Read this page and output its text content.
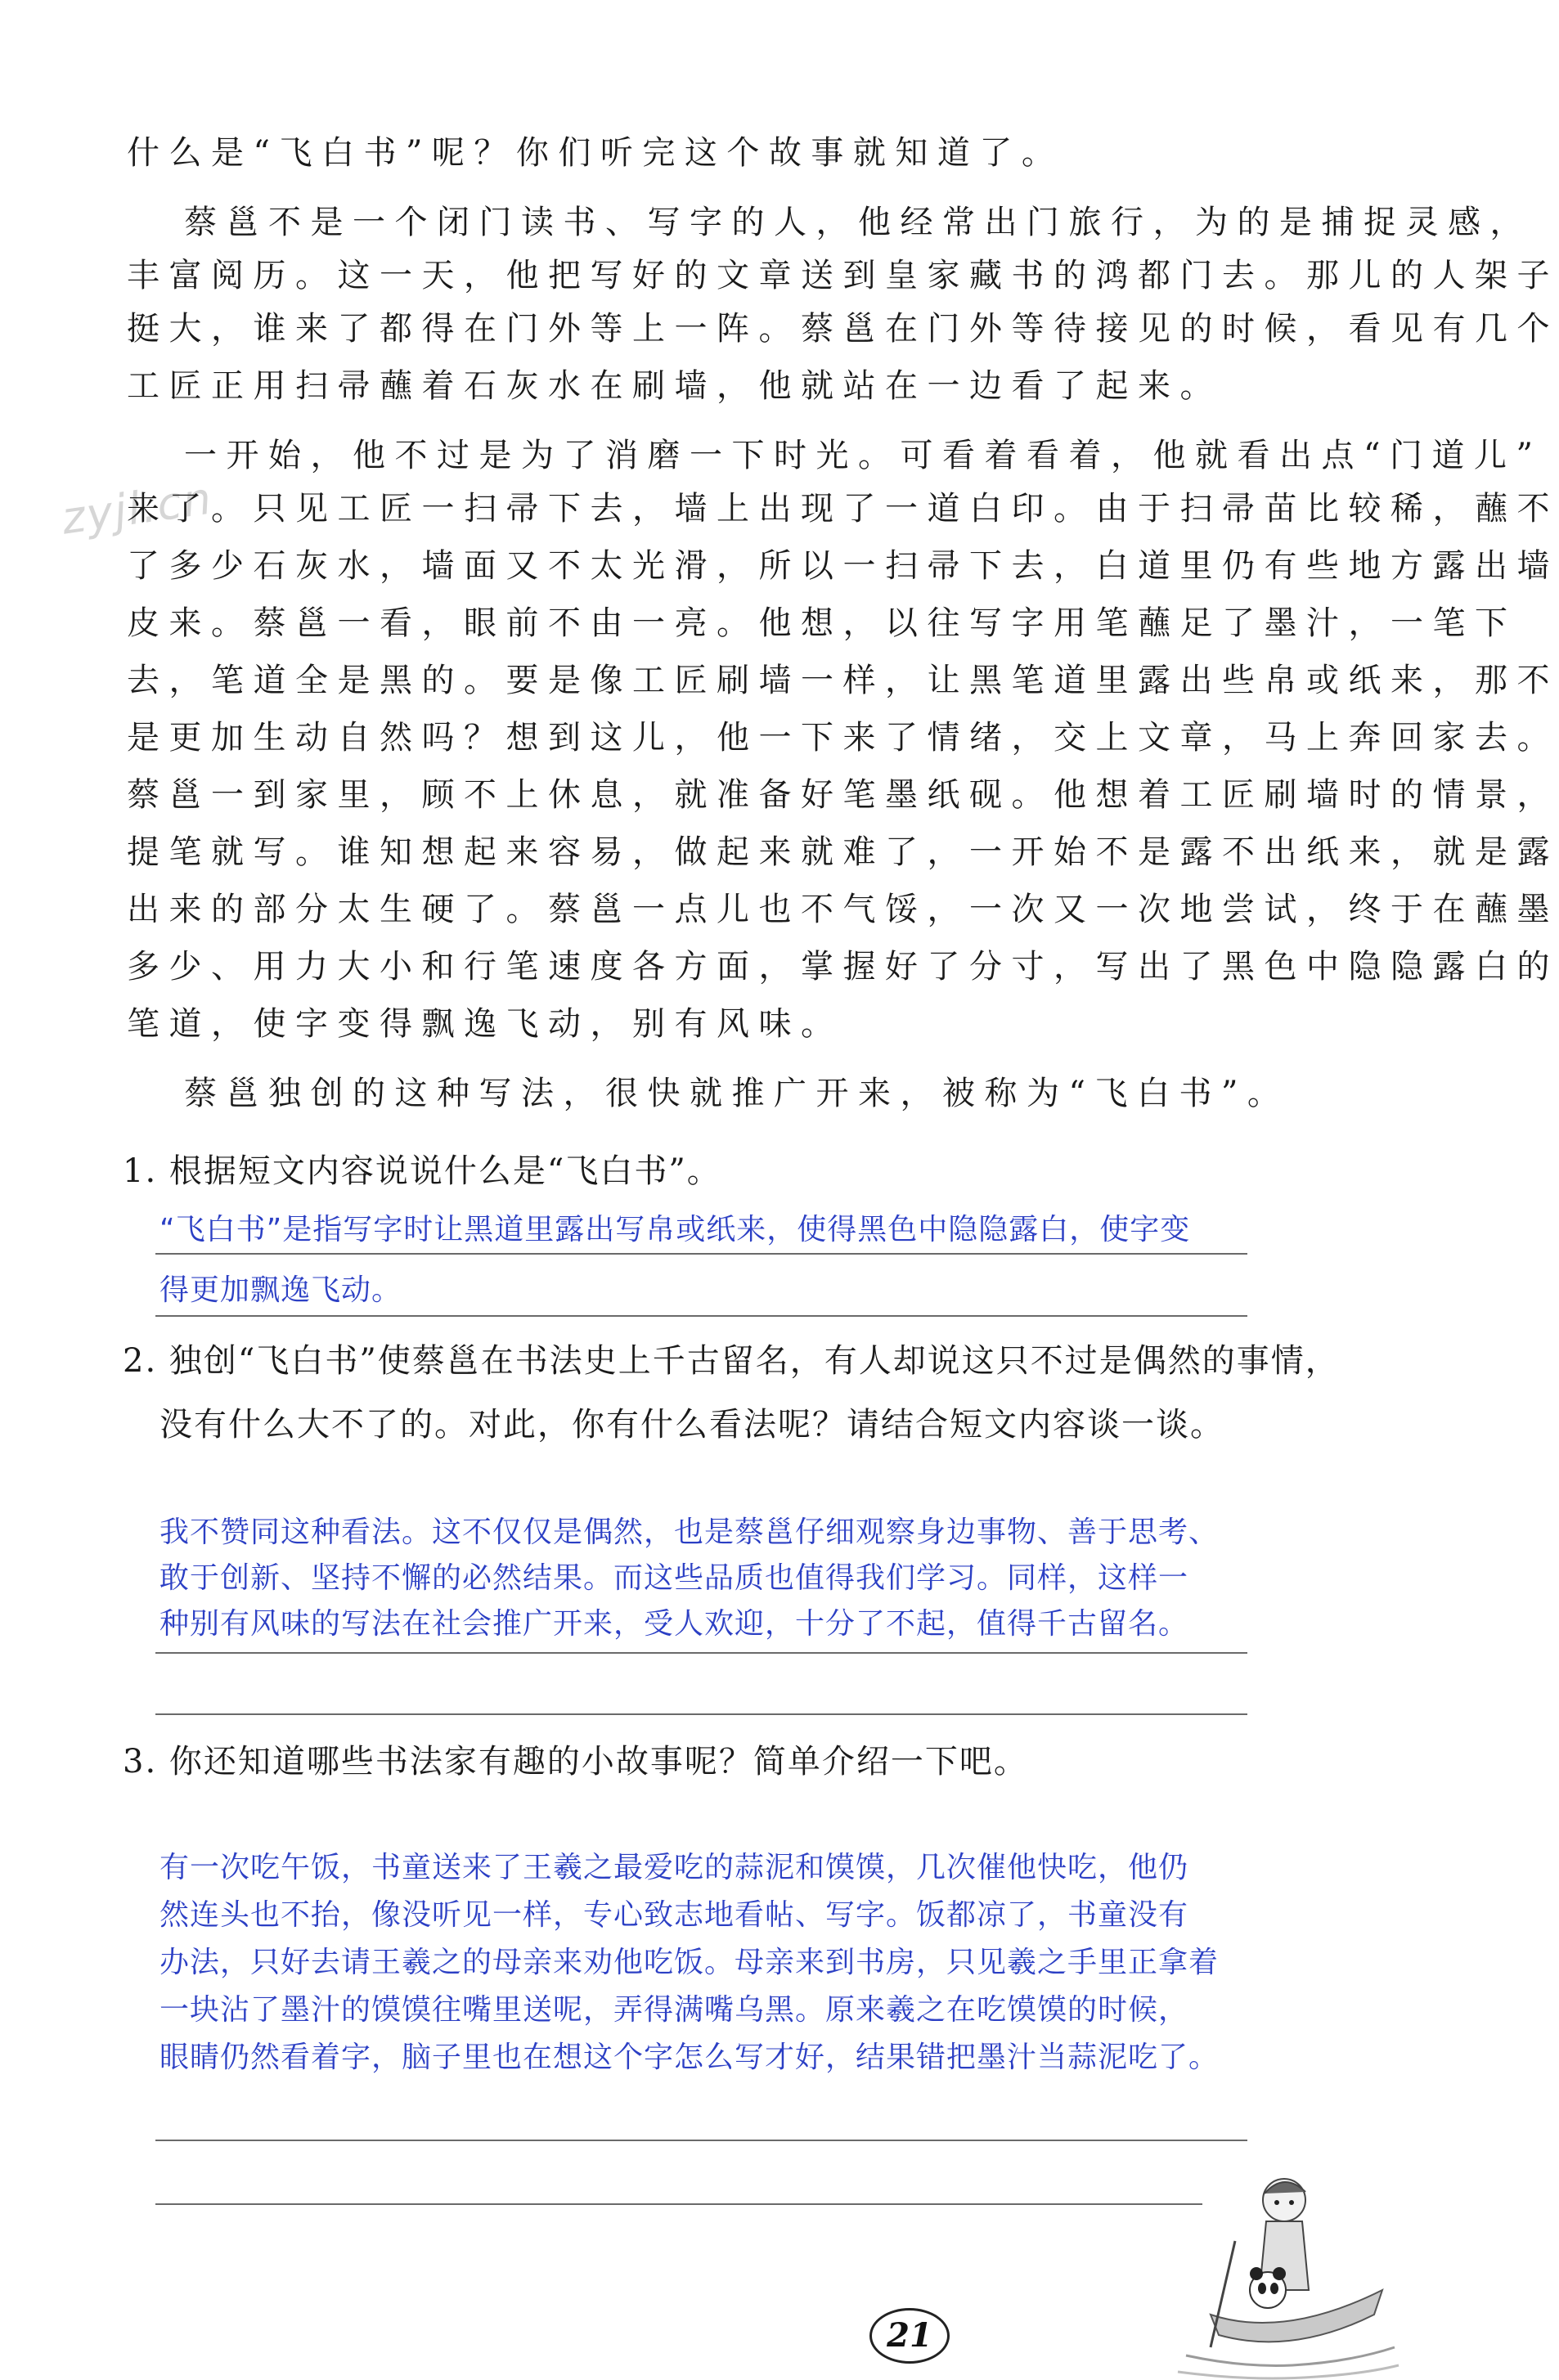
zyjl.cn
什么是“飞白书”呢？你们听完这个故事就知道了。
蔡邕不是一个闭门读书、写字的人，他经常出门旅行，为的是捕捉灵感，
丰富阅历。这一天，他把写好的文章送到皇家藏书的鸿都门去。那儿的人架子
挺大，谁来了都得在门外等上一阵。蔡邕在门外等待接见的时候，看见有几个
工匠正用扫帚蘸着石灰水在刷墙，他就站在一边看了起来。
一开始，他不过是为了消磨一下时光。可看着看着，他就看出点“门道儿”
来了。只见工匠一扫帚下去，墙上出现了一道白印。由于扫帚苗比较稀，蘸不
了多少石灰水，墙面又不太光滑，所以一扫帚下去，白道里仍有些地方露出墙
皮来。蔡邕一看，眼前不由一亮。他想，以往写字用笔蘸足了墨汁，一笔下
去，笔道全是黑的。要是像工匠刷墙一样，让黑笔道里露出些帛或纸来，那不
是更加生动自然吗？想到这儿，他一下来了情绪，交上文章，马上奔回家去。
蔡邕一到家里，顾不上休息，就准备好笔墨纸砚。他想着工匠刷墙时的情景，
提笔就写。谁知想起来容易，做起来就难了，一开始不是露不出纸来，就是露
出来的部分太生硬了。蔡邕一点儿也不气馁，一次又一次地尝试，终于在蘸墨
多少、用力大小和行笔速度各方面，掌握好了分寸，写出了黑色中隐隐露白的
笔道，使字变得飘逸飞动，别有风味。
蔡邕独创的这种写法，很快就推广开来，被称为“飞白书”。
1. 根据短文内容说说什么是“飞白书”。
“飞白书”是指写字时让黑道里露出写帛或纸来，使得黑色中隐隐露白，使字变
得更加飘逸飞动。
2. 独创“飞白书”使蔡邕在书法史上千古留名，有人却说这只不过是偶然的事情，
没有什么大不了的。对此，你有什么看法呢？请结合短文内容谈一谈。
我不赞同这种看法。这不仅仅是偶然，也是蔡邕仔细观察身边事物、善于思考、
敢于创新、坚持不懈的必然结果。而这些品质也值得我们学习。同样，这样一
种别有风味的写法在社会推广开来，受人欢迎，十分了不起，值得千古留名。
3. 你还知道哪些书法家有趣的小故事呢？简单介绍一下吧。
有一次吃午饭，书童送来了王羲之最爱吃的蒜泥和馍馍，几次催他快吃，他仍
然连头也不抬，像没听见一样，专心致志地看帖、写字。饭都凉了，书童没有
办法，只好去请王羲之的母亲来劝他吃饭。母亲来到书房，只见羲之手里正拿着
一块沾了墨汁的馍馍往嘴里送呢，弄得满嘴乌黑。原来羲之在吃馍馍的时候，
眼睛仍然看着字，脑子里也在想这个字怎么写才好，结果错把墨汁当蒜泥吃了。
21
